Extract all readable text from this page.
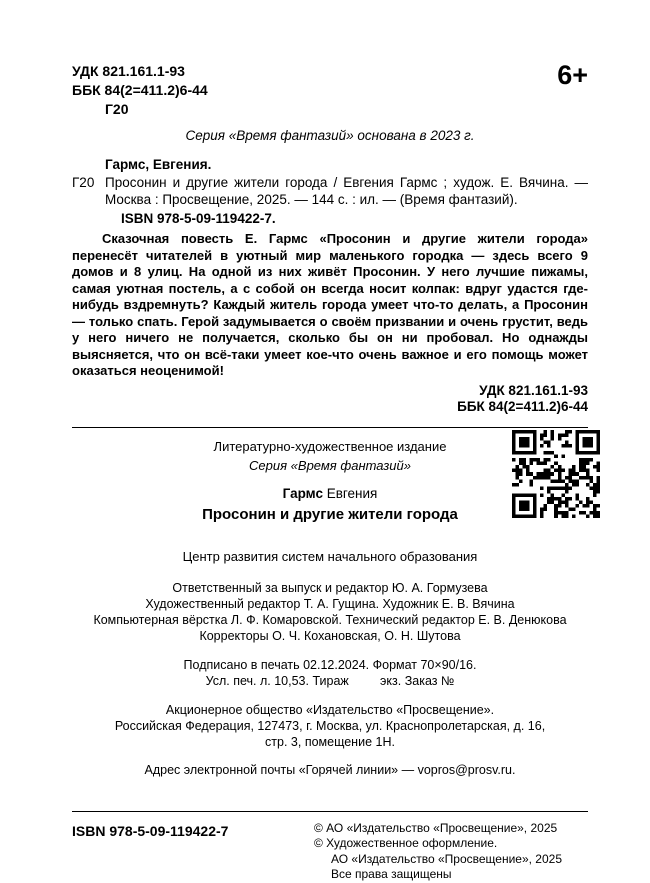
УДК 821.161.1-93
ББК 84(2=411.2)6-44
Г20
6+
Серия «Время фантазий» основана в 2023 г.
Гармс, Евгения.
Г20 Просонин и другие жители города / Евгения Гармс ; худож. Е. Вячина. — Москва : Просвещение, 2025. — 144 с. : ил. — (Время фантазий).
ISBN 978-5-09-119422-7.

Сказочная повесть Е. Гармс «Просонин и другие жители города» перенесёт читателей в уютный мир маленького городка — здесь всего 9 домов и 8 улиц. На одной из них живёт Просонин. У него лучшие пижамы, самая уютная постель, а с собой он всегда носит колпак: вдруг удастся где-нибудь вздремнуть? Каждый житель города умеет что-то делать, а Просонин — только спать. Герой задумывается о своём призвании и очень грустит, ведь у него ничего не получается, сколько бы он ни пробовал. Но однажды выясняется, что он всё-таки умеет кое-что очень важное и его помощь может оказаться неоценимой!

УДК 821.161.1-93
ББК 84(2=411.2)6-44
Литературно-художественное издание
Серия «Время фантазий»
Гармс Евгения
Просонин и другие жители города
Центр развития систем начального образования
Ответственный за выпуск и редактор Ю. А. Гормузева
Художественный редактор Т. А. Гущина. Художник Е. В. Вячина
Компьютерная вёрстка Л. Ф. Комаровской. Технический редактор Е. В. Денюкова
Корректоры О. Ч. Кохановская, О. Н. Шутова
Подписано в печать 02.12.2024. Формат 70×90/16.
Усл. печ. л. 10,53. Тираж         экз. Заказ №
Акционерное общество «Издательство «Просвещение».
Российская Федерация, 127473, г. Москва, ул. Краснопролетарская, д. 16,
стр. 3, помещение 1Н.
Адрес электронной почты «Горячей линии» — vopros@prosv.ru.
ISBN 978-5-09-119422-7	© АО «Издательство «Просвещение», 2025
© Художественное оформление.
АО «Издательство «Просвещение», 2025
Все права защищены
